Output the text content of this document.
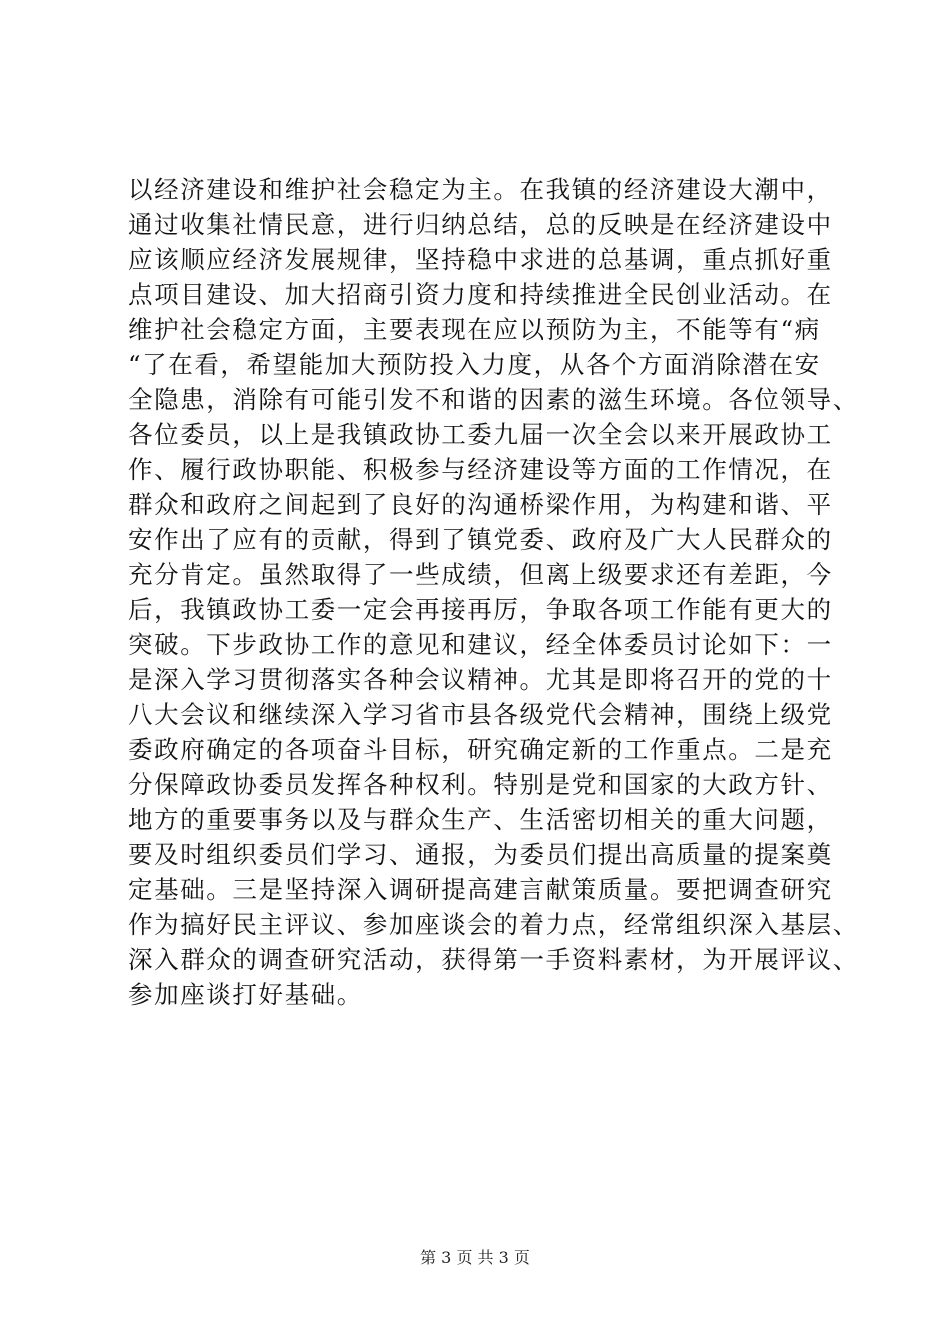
以经济建设和维护社会稳定为主。在我镇的经济建设大潮中，
通过收集社情民意，进行归纳总结，总的反映是在经济建设中
应该顺应经济发展规律，坚持稳中求进的总基调，重点抓好重
点项目建设、加大招商引资力度和持续推进全民创业活动。在
维护社会稳定方面，主要表现在应以预防为主，不能等有“病
“了在看，希望能加大预防投入力度，从各个方面消除潜在安
全隐患，消除有可能引发不和谐的因素的滋生环境。各位领导、
各位委员，以上是我镇政协工委九届一次全会以来开展政协工
作、履行政协职能、积极参与经济建设等方面的工作情况，在
群众和政府之间起到了良好的沟通桥梁作用，为构建和谐、平
安作出了应有的贡献，得到了镇党委、政府及广大人民群众的
充分肯定。虽然取得了一些成绩，但离上级要求还有差距，今
后，我镇政协工委一定会再接再厉，争取各项工作能有更大的
突破。下步政协工作的意见和建议，经全体委员讨论如下：一
是深入学习贯彻落实各种会议精神。尤其是即将召开的党的十
八大会议和继续深入学习省市县各级党代会精神，围绕上级党
委政府确定的各项奋斗目标，研究确定新的工作重点。二是充
分保障政协委员发挥各种权利。特别是党和国家的大政方针、
地方的重要事务以及与群众生产、生活密切相关的重大问题，
要及时组织委员们学习、通报，为委员们提出高质量的提案奠
定基础。三是坚持深入调研提高建言献策质量。要把调查研究
作为搞好民主评议、参加座谈会的着力点，经常组织深入基层、
深入群众的调查研究活动，获得第一手资料素材，为开展评议、
参加座谈打好基础。
第 3 页 共 3 页
